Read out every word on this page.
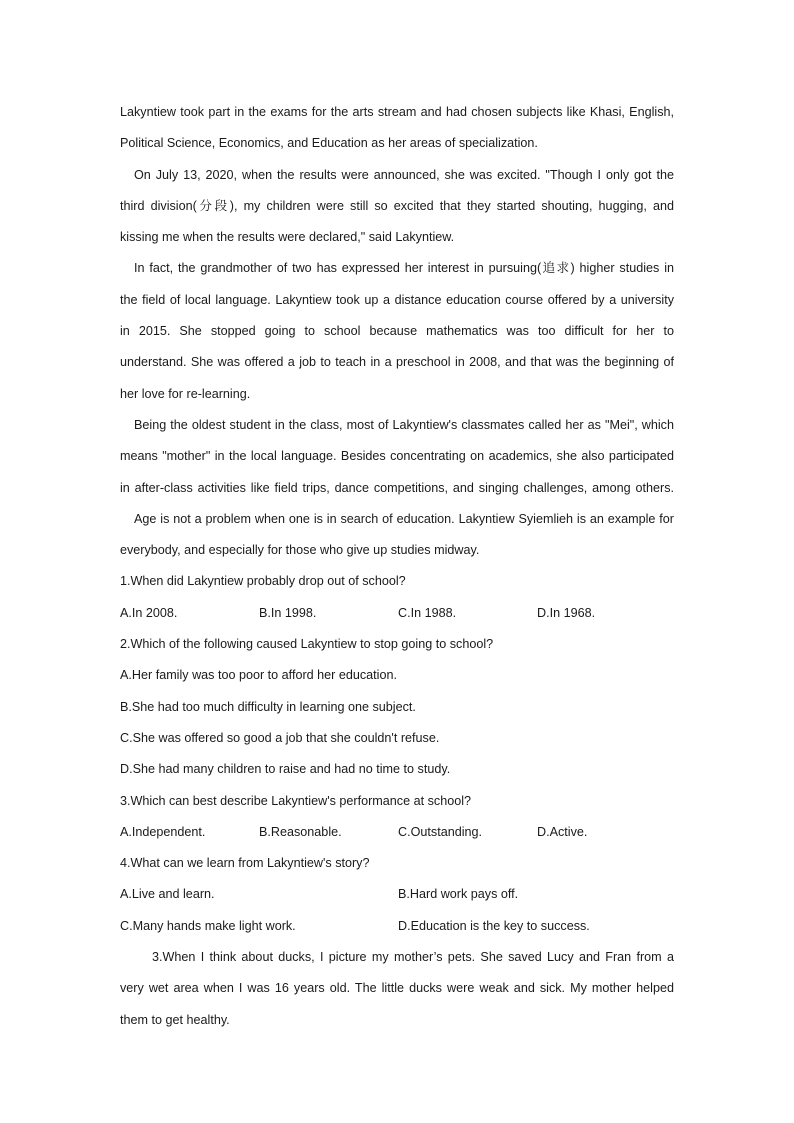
Lakyntiew took part in the exams for the arts stream and had chosen subjects like Khasi, English,
Political Science, Economics, and Education as her areas of specialization.
On July 13, 2020, when the results were announced, she was excited. "Though I only got the
third division(分段), my children were still so excited that they started shouting, hugging, and
kissing me when the results were declared," said Lakyntiew.
In fact, the grandmother of two has expressed her interest in pursuing(追求) higher studies in
the field of local language. Lakyntiew took up a distance education course offered by a university
in 2015. She stopped going to school because mathematics was too difficult for her to
understand. She was offered a job to teach in a preschool in 2008, and that was the beginning of
her love for re-learning.
Being the oldest student in the class, most of Lakyntiew's classmates called her as "Mei", which
means "mother" in the local language. Besides concentrating on academics, she also participated
in after-class activities like field trips, dance competitions, and singing challenges, among others.
Age is not a problem when one is in search of education. Lakyntiew Syiemlieh is an example for
everybody, and especially for those who give up studies midway.
1.When did Lakyntiew probably drop out of school?
A.In 2008.	B.In 1998.	C.In 1988.	D.In 1968.
2.Which of the following caused Lakyntiew to stop going to school?
A.Her family was too poor to afford her education.
B.She had too much difficulty in learning one subject.
C.She was offered so good a job that she couldn't refuse.
D.She had many children to raise and had no time to study.
3.Which can best describe Lakyntiew's performance at school?
A.Independent.	B.Reasonable.	C.Outstanding.	D.Active.
4.What can we learn from Lakyntiew's story?
A.Live and learn.	B.Hard work pays off.
C.Many hands make light work.	D.Education is the key to success.
3.When I think about ducks, I picture my mother’s pets. She saved Lucy and Fran from a
very wet area when I was 16 years old. The little ducks were weak and sick. My mother helped
them to get healthy.
